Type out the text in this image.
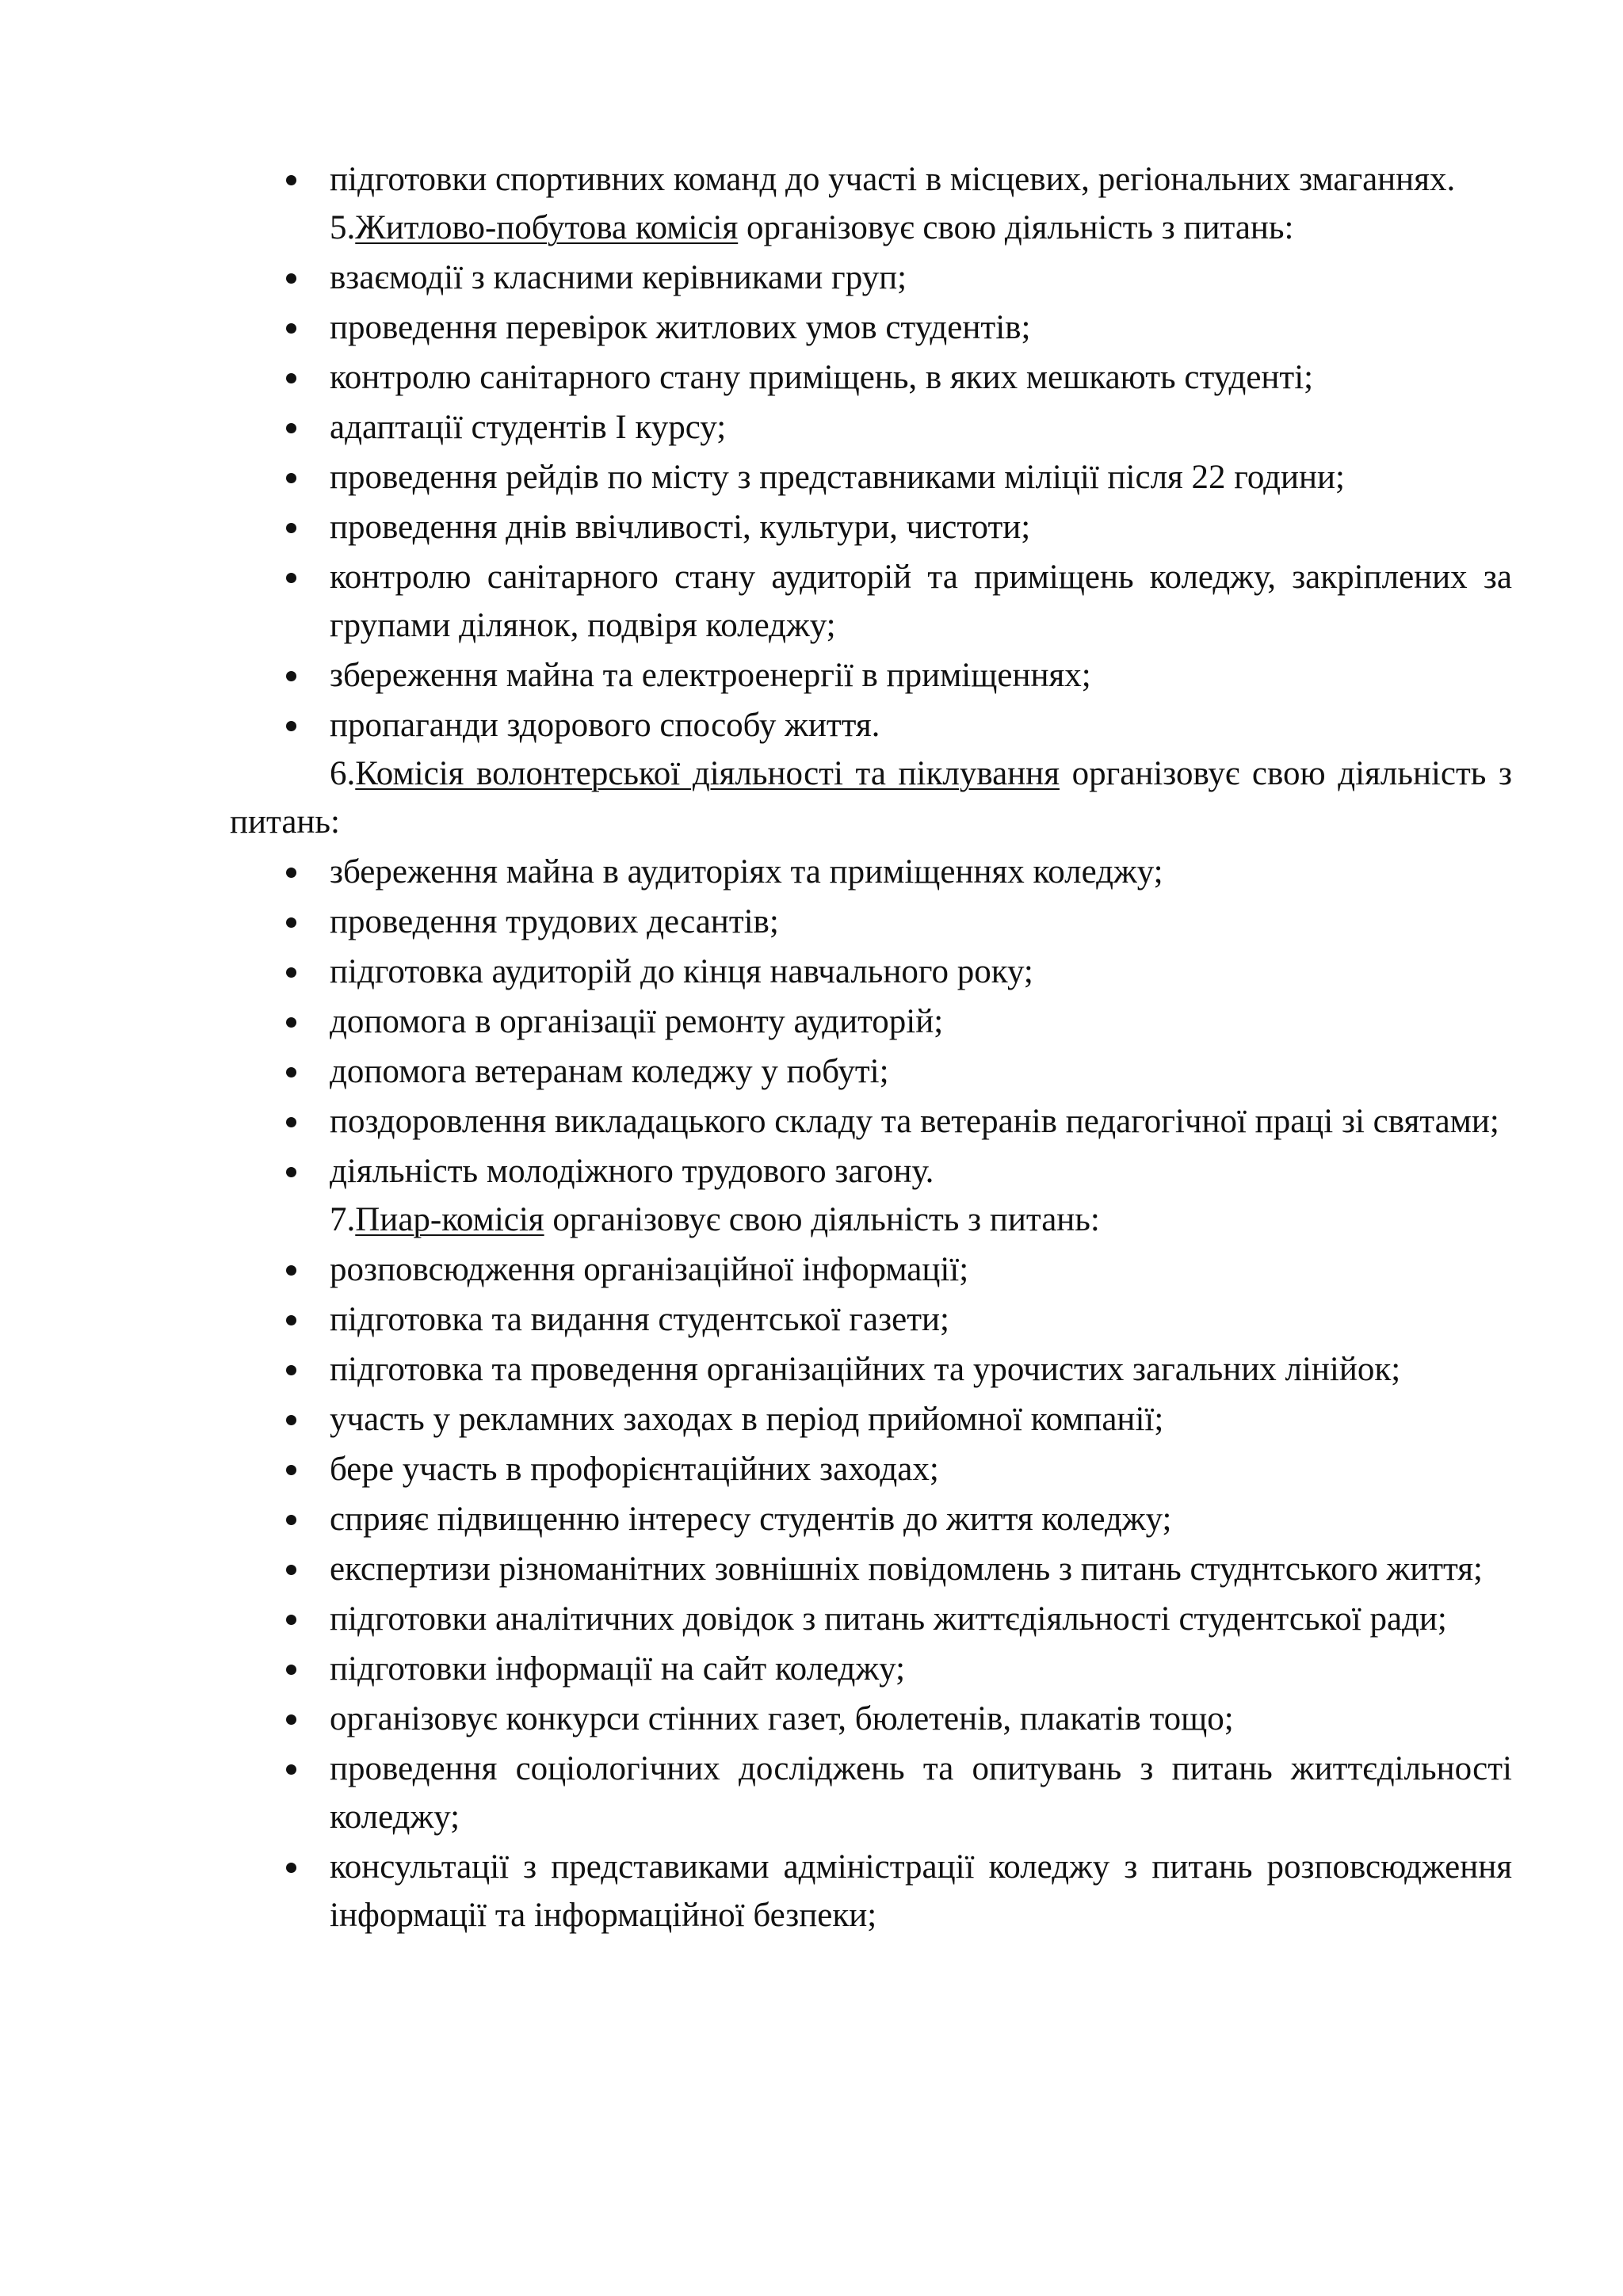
підготовки спортивних команд до участі в місцевих, регіональних змаганнях.

5.Житлово-побутова комісія організовує свою діяльність з питань:

взаємодії з класними керівниками груп;
проведення перевірок житлових умов студентів;
контролю санітарного стану приміщень, в яких мешкають студенті;
адаптації студентів І курсу;
проведення рейдів по місту з представниками міліції після 22 години;
проведення днів ввічливості, культури, чистоти;
контролю санітарного стану аудиторій та приміщень коледжу, закріплених за групами ділянок, подвіря коледжу;
збереження майна та електроенергії в приміщеннях;
пропаганди здорового способу життя.

6.Комісія волонтерської діяльності та піклування організовує свою діяльність з питань:

збереження майна в аудиторіях та приміщеннях коледжу;
проведення трудових десантів;
підготовка аудиторій до кінця навчального року;
допомога в організації ремонту аудиторій;
допомога ветеранам коледжу у побуті;
поздоровлення викладацького складу та ветеранів педагогічної праці зі святами;
діяльність молодіжного трудового загону.

7.Пиар-комісія організовує свою діяльність з питань:

розповсюдження організаційної інформації;
підготовка та видання студентської газети;
підготовка та проведення організаційних та урочистих загальних лінійок;
участь у рекламних заходах в період прийомної компанії;
бере участь в профорієнтаційних заходах;
сприяє підвищенню інтересу студентів до життя коледжу;
експертизи різноманітних зовнішніх повідомлень з питань студнтського життя;
підготовки аналітичних довідок з питань життєдіяльності студентської ради;
підготовки інформації на сайт коледжу;
організовує конкурси стінних газет, бюлетенів, плакатів тощо;
проведення соціологічних досліджень та опитувань з питань життєдільності коледжу;
консультації з представиками адміністрації коледжу з питань розповсюдження інформації та інформаційної безпеки;
